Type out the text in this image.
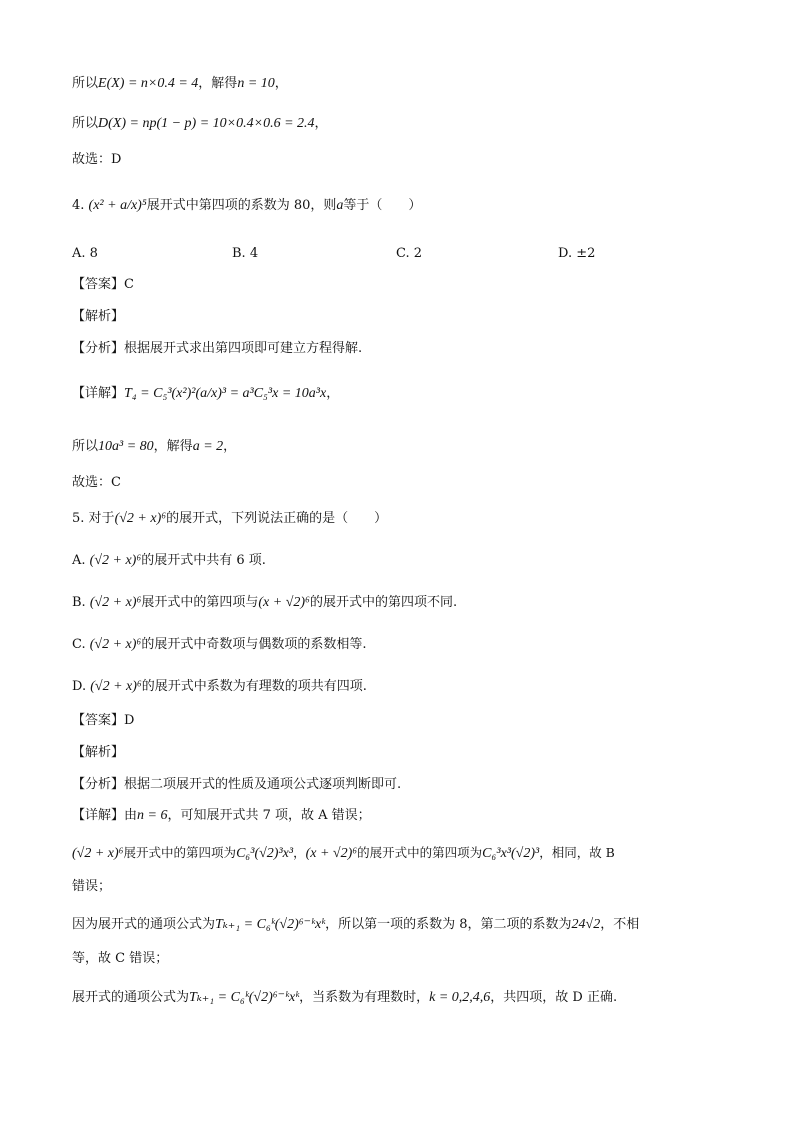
所以E(X) = n×0.4 = 4，解得n = 10，
所以D(X) = np(1 − p) = 10×0.4×0.6 = 2.4，
故选：D
4. (x² + a/x)⁵展开式中第四项的系数为 80，则a等于（　　）
A. 8	B. 4	C. 2	D. ±2
【答案】C
【解析】
【分析】根据展开式求出第四项即可建立方程得解.
【详解】T₄ = C₅³(x²)²(a/x)³ = a³C₅³x = 10a³x，
所以10a³ = 80，解得a = 2，
故选：C
5. 对于(√2 + x)⁶的展开式，下列说法正确的是（　　）
A. (√2 + x)⁶的展开式中共有 6 项.
B. (√2 + x)⁶展开式中的第四项与(x + √2)⁶的展开式中的第四项不同.
C. (√2 + x)⁶的展开式中奇数项与偶数项的系数相等.
D. (√2 + x)⁶的展开式中系数为有理数的项共有四项.
【答案】D
【解析】
【分析】根据二项展开式的性质及通项公式逐项判断即可.
【详解】由n = 6，可知展开式共 7 项，故 A 错误；
(√2 + x)⁶展开式中的第四项为C₆³(√2)³x³，(x + √2)⁶的展开式中的第四项为C₆³x³(√2)³，相同，故 B
错误；
因为展开式的通项公式为Tₖ₊₁ = C₆ᵏ(√2)⁶⁻ᵏxᵏ，所以第一项的系数为 8，第二项的系数为24√2，不相
等，故 C 错误；
展开式的通项公式为Tₖ₊₁ = C₆ᵏ(√2)⁶⁻ᵏxᵏ，当系数为有理数时，k = 0,2,4,6，共四项，故 D 正确.
